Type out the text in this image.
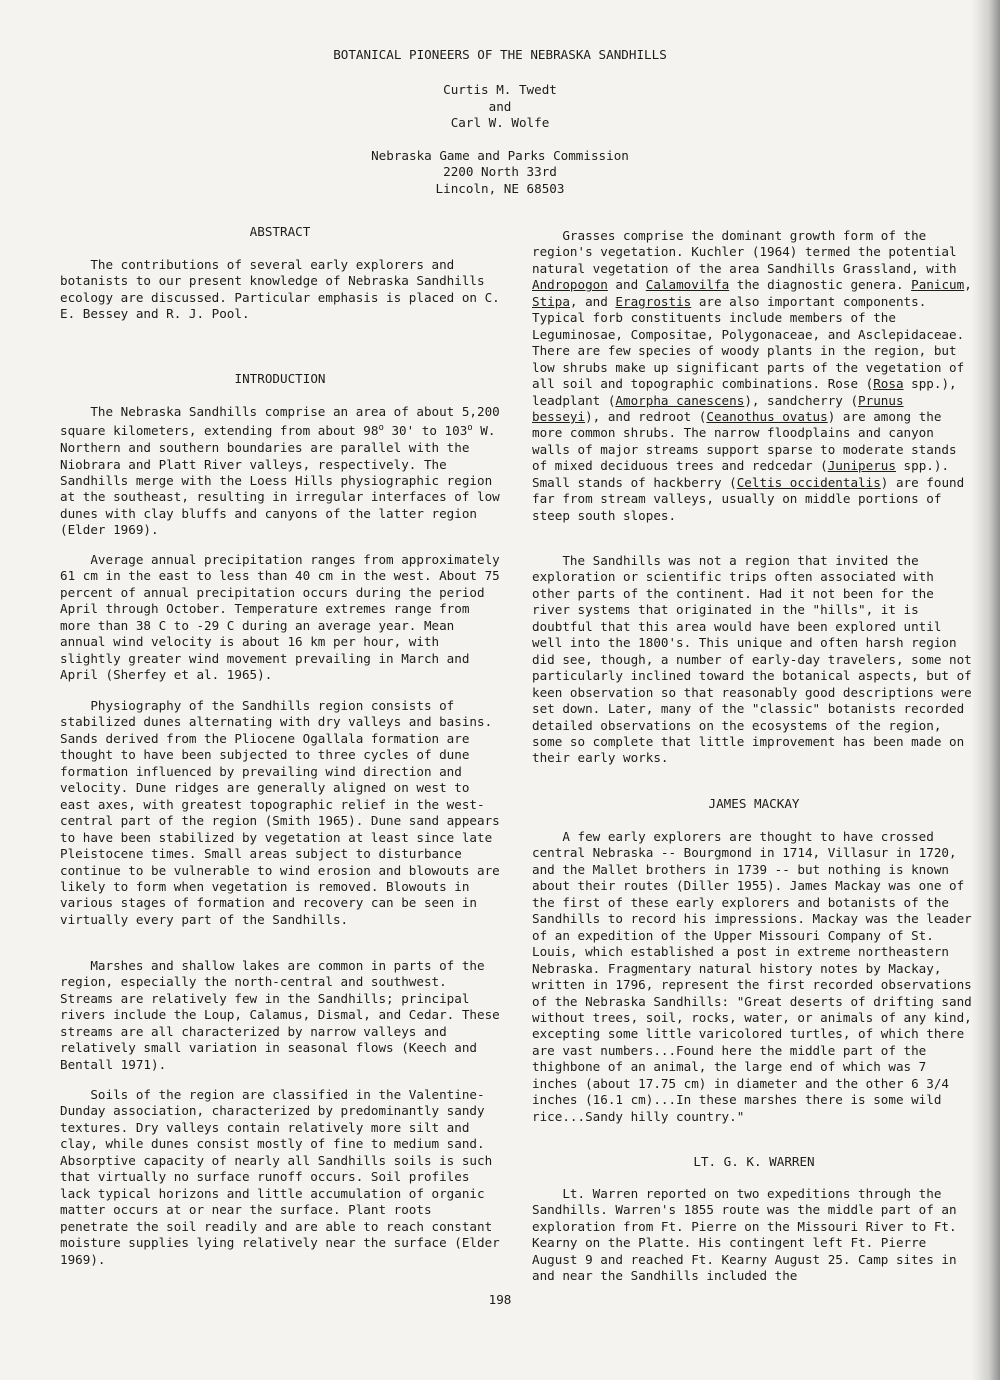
BOTANICAL PIONEERS OF THE NEBRASKA SANDHILLS
Curtis M. Twedt
and
Carl W. Wolfe
Nebraska Game and Parks Commission
2200 North 33rd
Lincoln, NE 68503
ABSTRACT

The contributions of several early explorers and botanists to our present knowledge of Nebraska Sandhills ecology are discussed. Particular emphasis is placed on C. E. Bessey and R. J. Pool.

INTRODUCTION

The Nebraska Sandhills comprise an area of about 5,200 square kilometers, extending from about 98$^o$ 30' to 103$^o$ W. Northern and southern boundaries are parallel with the Niobrara and Platt River valleys, respectively. The Sandhills merge with the Loess Hills physiographic region at the southeast, resulting in irregular interfaces of low dunes with clay bluffs and canyons of the latter region (Elder 1969).

Average annual precipitation ranges from approximately 61 cm in the east to less than 40 cm in the west. About 75 percent of annual precipitation occurs during the period April through October. Temperature extremes range from more than 38 C to -29 C during an average year. Mean annual wind velocity is about 16 km per hour, with slightly greater wind movement prevailing in March and April (Sherfey et al. 1965).

Physiography of the Sandhills region consists of stabilized dunes alternating with dry valleys and basins. Sands derived from the Pliocene Ogallala formation are thought to have been subjected to three cycles of dune formation influenced by prevailing wind direction and velocity. Dune ridges are generally aligned on west to east axes, with greatest topographic relief in the west-central part of the region (Smith 1965). Dune sand appears to have been stabilized by vegetation at least since late Pleistocene times. Small areas subject to disturbance continue to be vulnerable to wind erosion and blowouts are likely to form when vegetation is removed. Blowouts in various stages of formation and recovery can be seen in virtually every part of the Sandhills.

Marshes and shallow lakes are common in parts of the region, especially the north-central and southwest. Streams are relatively few in the Sandhills; principal rivers include the Loup, Calamus, Dismal, and Cedar. These streams are all characterized by narrow valleys and relatively small variation in seasonal flows (Keech and Bentall 1971).

Soils of the region are classified in the Valentine-Dunday association, characterized by predominantly sandy textures. Dry valleys contain relatively more silt and clay, while dunes consist mostly of fine to medium sand. Absorptive capacity of nearly all Sandhills soils is such that virtually no surface runoff occurs. Soil profiles lack typical horizons and little accumulation of organic matter occurs at or near the surface. Plant roots penetrate the soil readily and are able to reach constant moisture supplies lying relatively near the surface (Elder 1969).

Grasses comprise the dominant growth form of the region's vegetation. Kuchler (1964) termed the potential natural vegetation of the area Sandhills Grassland, with Andropogon and Calamovilfa the diagnostic genera. Panicum, Stipa, and Eragrostis are also important components. Typical forb constituents include members of the Leguminosae, Compositae, Polygonaceae, and Asclepidaceae. There are few species of woody plants in the region, but low shrubs make up significant parts of the vegetation of all soil and topographic combinations. Rose (Rosa spp.), leadplant (Amorpha canescens), sandcherry (Prunus besseyi), and redroot (Ceanothus ovatus) are among the more common shrubs. The narrow floodplains and canyon walls of major streams support sparse to moderate stands of mixed deciduous trees and redcedar (Juniperus spp.). Small stands of hackberry (Celtis occidentalis) are found far from stream valleys, usually on middle portions of steep south slopes.

The Sandhills was not a region that invited the exploration or scientific trips often associated with other parts of the continent. Had it not been for the river systems that originated in the "hills", it is doubtful that this area would have been explored until well into the 1800's. This unique and often harsh region did see, though, a number of early-day travelers, some not particularly inclined toward the botanical aspects, but of keen observation so that reasonably good descriptions were set down. Later, many of the "classic" botanists recorded detailed observations on the ecosystems of the region, some so complete that little improvement has been made on their early works.

JAMES MACKAY

A few early explorers are thought to have crossed central Nebraska -- Bourgmond in 1714, Villasur in 1720, and the Mallet brothers in 1739 -- but nothing is known about their routes (Diller 1955). James Mackay was one of the first of these early explorers and botanists of the Sandhills to record his impressions. Mackay was the leader of an expedition of the Upper Missouri Company of St. Louis, which established a post in extreme northeastern Nebraska. Fragmentary natural history notes by Mackay, written in 1796, represent the first recorded observations of the Nebraska Sandhills: "Great deserts of drifting sand without trees, soil, rocks, water, or animals of any kind, excepting some little varicolored turtles, of which there are vast numbers...Found here the middle part of the thighbone of an animal, the large end of which was 7 inches (about 17.75 cm) in diameter and the other 6 3/4 inches (16.1 cm)...In these marshes there is some wild rice...Sandy hilly country."

LT. G. K. WARREN

Lt. Warren reported on two expeditions through the Sandhills. Warren's 1855 route was the middle part of an exploration from Ft. Pierre on the Missouri River to Ft. Kearny on the Platte. His contingent left Ft. Pierre August 9 and reached Ft. Kearny August 25. Camp sites in and near the Sandhills included the

198
